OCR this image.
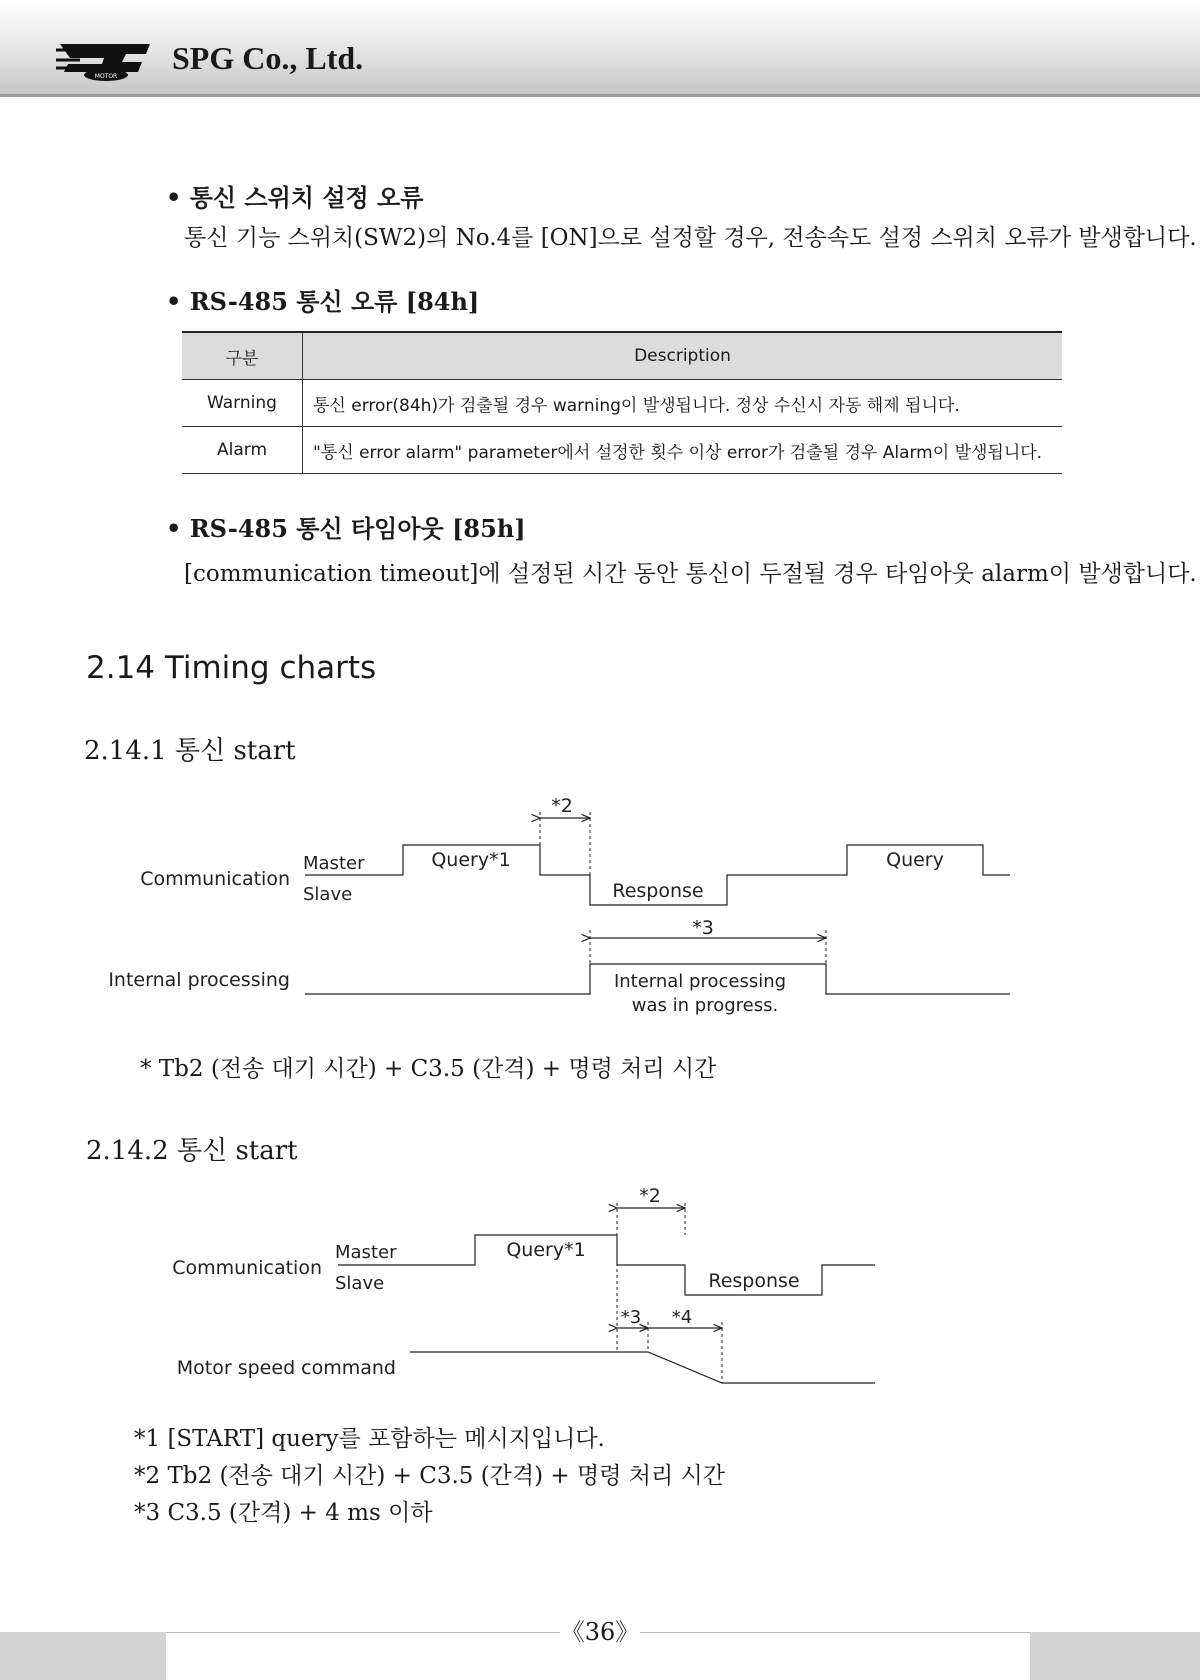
MOTOR
SPG Co., Ltd.
• 통신 스위치 설정 오류
통신 기능 스위치(SW2)의 No.4를 [ON]으로 설정할 경우, 전송속도 설정 스위치 오류가 발생합니다.
• RS-485 통신 오류 [84h]
구분	Description
Warning	통신 error(84h)가 검출될 경우 warning이 발생됩니다. 정상 수신시 자동 해제 됩니다.
Alarm	"통신 error alarm" parameter에서 설정한 횟수 이상 error가 검출될 경우 Alarm이 발생됩니다.
• RS-485 통신 타임아웃 [85h]
[communication timeout]에 설정된 시간 동안 통신이 두절될 경우 타임아웃 alarm이 발생합니다.
2.14 Timing charts
2.14.1 통신 start
Communication
Master
Slave
Query*1	Query
Response
*2
*3
Internal processing	Internal processing
was in progress.
* Tb2 (전송 대기 시간) + C3.5 (간격) + 명령 처리 시간
2.14.2 통신 start
Communication
Master
Slave
Query*1
Response
*2
*3 *4
Motor speed command
*1 [START] query를 포함하는 메시지입니다.
*2 Tb2 (전송 대기 시간) + C3.5 (간격) + 명령 처리 시간
*3 C3.5 (간격) + 4 ms 이하
《36》
